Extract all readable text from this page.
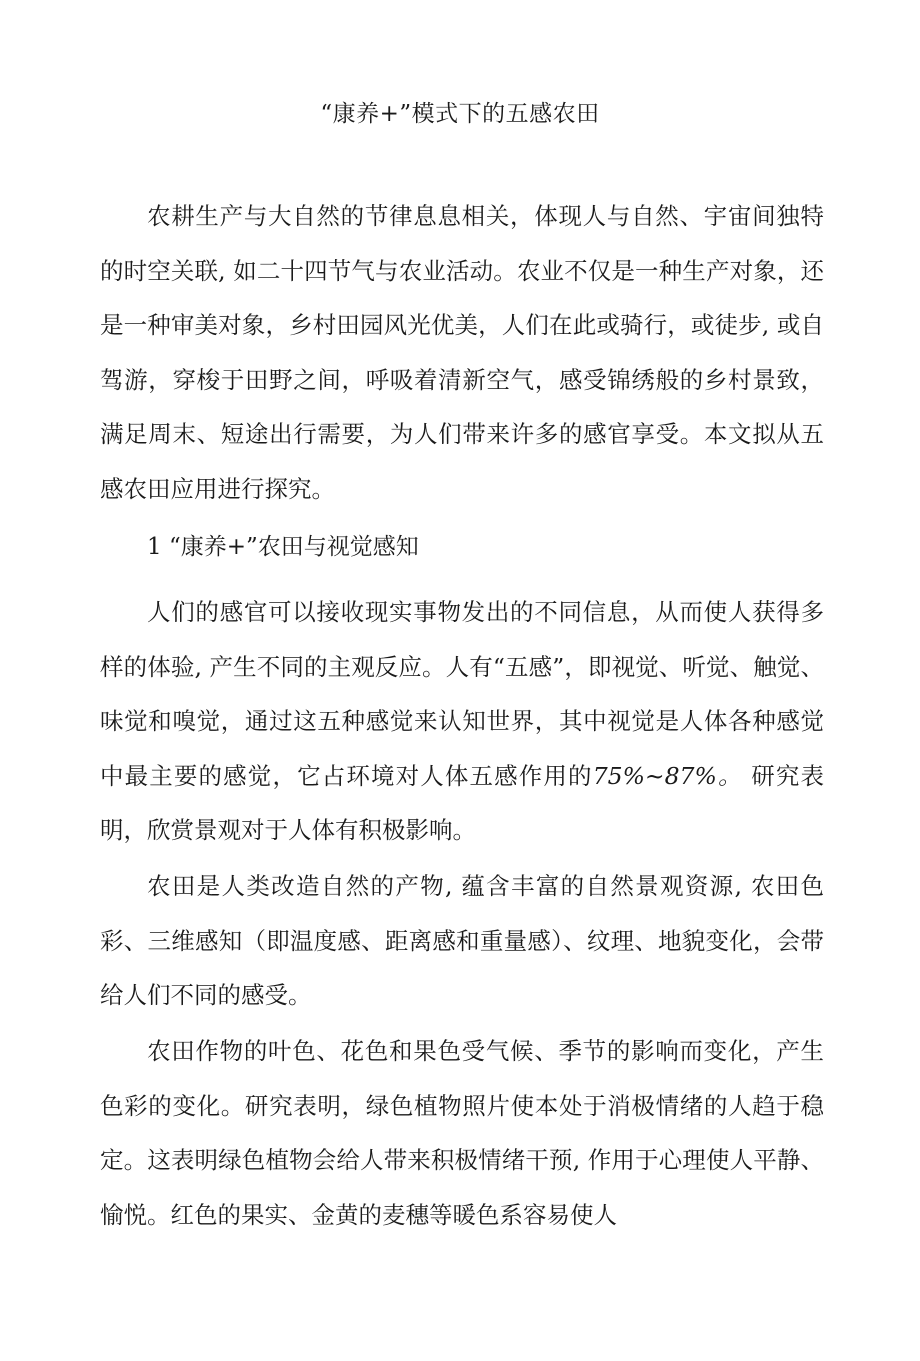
“康养+”模式下的五感农田

农耕生产与大自然的节律息息相关，体现人与自然、宇宙间独特的时空关联, 如二十四节气与农业活动。农业不仅是一种生产对象，还是一种审美对象，乡村田园风光优美，人们在此或骑行，或徒步, 或自驾游，穿梭于田野之间，呼吸着清新空气，感受锦绣般的乡村景致，满足周末、短途出行需要，为人们带来许多的感官享受。本文拟从五感农田应用进行探究。

1 “康养+”农田与视觉感知

人们的感官可以接收现实事物发出的不同信息，从而使人获得多样的体验, 产生不同的主观反应。人有“五感”，即视觉、听觉、触觉、味觉和嗅觉，通过这五种感觉来认知世界，其中视觉是人体各种感觉中最主要的感觉，它占环境对人体五感作用的75%~87%。 研究表明，欣赏景观对于人体有积极影响。

农田是人类改造自然的产物, 蕴含丰富的自然景观资源, 农田色彩、三维感知（即温度感、距离感和重量感）、纹理、地貌变化，会带给人们不同的感受。

农田作物的叶色、花色和果色受气候、季节的影响而变化，产生色彩的变化。研究表明，绿色植物照片使本处于消极情绪的人趋于稳定。这表明绿色植物会给人带来积极情绪干预, 作用于心理使人平静、愉悦。红色的果实、金黄的麦穗等暖色系容易使人
